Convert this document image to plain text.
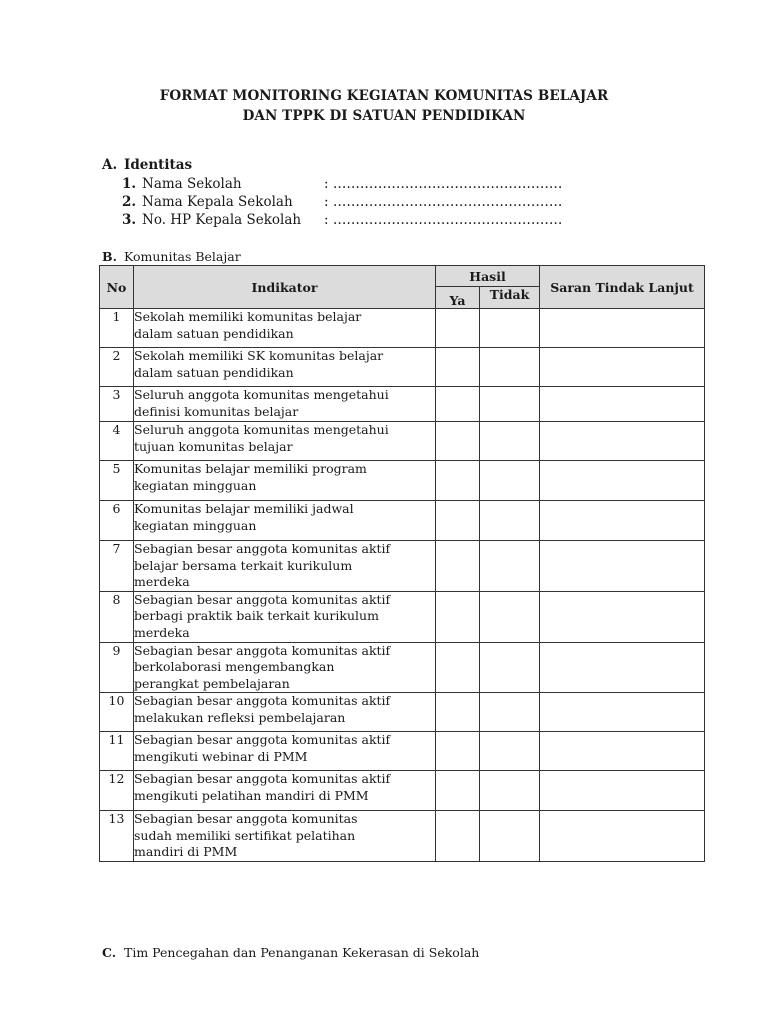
FORMAT MONITORING KEGIATAN KOMUNITAS BELAJAR
DAN TPPK DI SATUAN PENDIDIKAN
A. Identitas
1. Nama Sekolah	: ……………………………………………
2. Nama Kepala Sekolah : ……………………………………………
3. No. HP Kepala Sekolah : ……………………………………………
B. Komunitas Belajar
No	Indikator	Hasil		Saran Tindak Lanjut
		Ya	Tidak	
1	Sekolah memiliki komunitas belajar
dalam satuan pendidikan			

2	Sekolah memiliki SK komunitas belajar
dalam satuan pendidikan			

3	Seluruh anggota komunitas mengetahui
definisi komunitas belajar			

4	Seluruh anggota komunitas mengetahui
tujuan komunitas belajar			

5	Komunitas belajar memiliki program
kegiatan mingguan			

6	Komunitas belajar memiliki jadwal
kegiatan mingguan			

7	Sebagian besar anggota komunitas aktif
belajar bersama terkait kurikulum
merdeka			

8	Sebagian besar anggota komunitas aktif
berbagi praktik baik terkait kurikulum
merdeka			

9	Sebagian besar anggota komunitas aktif
berkolaborasi mengembangkan
perangkat pembelajaran			

10	Sebagian besar anggota komunitas aktif
melakukan refleksi pembelajaran			

11	Sebagian besar anggota komunitas aktif
mengikuti webinar di PMM			

12	Sebagian besar anggota komunitas aktif
mengikuti pelatihan mandiri di PMM			

13	Sebagian besar anggota komunitas
sudah memiliki sertifikat pelatihan
mandiri di PMM			

C. Tim Pencegahan dan Penanganan Kekerasan di Sekolah
